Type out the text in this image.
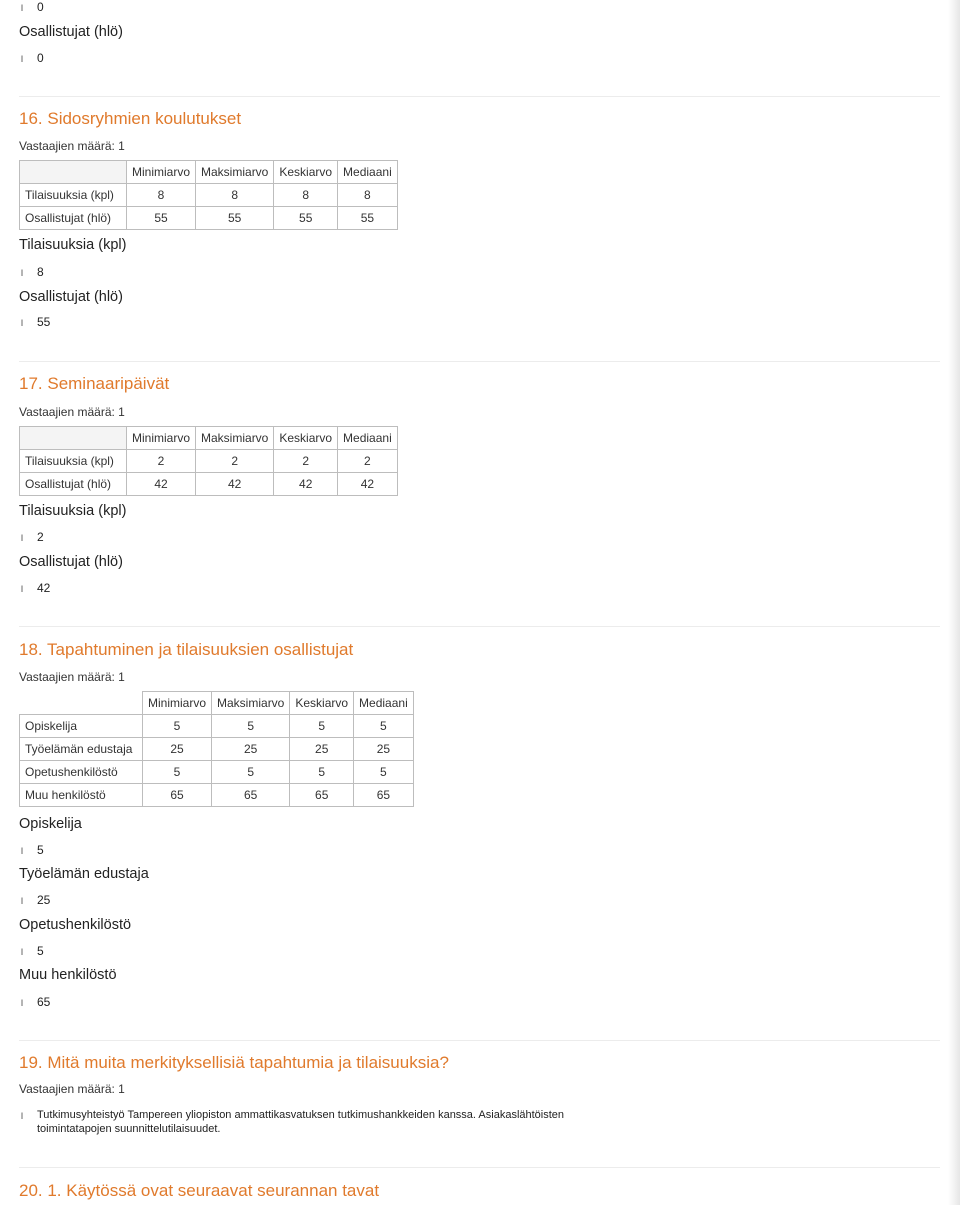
l 0
Osallistujat (hlö)
l 0
16. Sidosryhmien koulutukset
Vastaajien määrä: 1
	Minimiarvo	Maksimiarvo	Keskiarvo	Mediaani
Tilaisuuksia (kpl)	8	8	8	8
Osallistujat (hlö)	55	55	55	55
Tilaisuuksia (kpl)
l 8
Osallistujat (hlö)
l 55
17. Seminaaripäivät
Vastaajien määrä: 1
	Minimiarvo	Maksimiarvo	Keskiarvo	Mediaani
Tilaisuuksia (kpl)	2	2	2	2
Osallistujat (hlö)	42	42	42	42
Tilaisuuksia (kpl)
l 2
Osallistujat (hlö)
l 42
18. Tapahtuminen ja tilaisuuksien osallistujat
Vastaajien määrä: 1
	Minimiarvo	Maksimiarvo	Keskiarvo	Mediaani
Opiskelija	5	5	5	5
Työelämän edustaja	25	25	25	25
Opetushenkilöstö	5	5	5	5
Muu henkilöstö	65	65	65	65
Opiskelija
l 5
Työelämän edustaja
l 25
Opetushenkilöstö
l 5
Muu henkilöstö
l 65
19. Mitä muita merkityksellisiä tapahtumia ja tilaisuuksia?
Vastaajien määrä: 1
l Tutkimusyhteistyö Tampereen yliopiston ammattikasvatuksen tutkimushankkeiden kanssa. Asiakaslähtöisten toimintatapojen suunnittelutilaisuudet.
20. 1. Käytössä ovat seuraavat seurannan tavat
